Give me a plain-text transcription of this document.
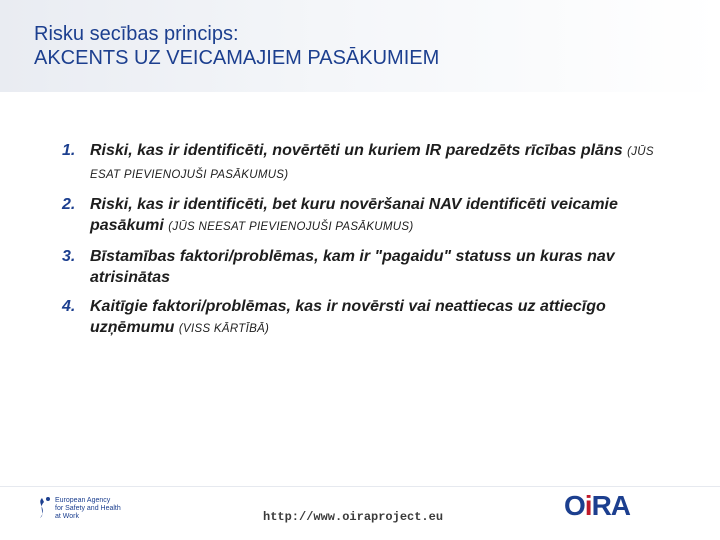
Risku secības princips:
AKCENTS UZ VEICAMAJIEM PASĀKUMIEM
1. Riski, kas ir identificēti, novērtēti un kuriem IR paredzēts rīcības plāns (JŪS ESAT PIEVIENOJUŠI PASĀKUMUS)
2. Riski, kas ir identificēti, bet kuru novēršanai NAV identificēti veicamie pasākumi (JŪS NEESAT PIEVIENOJUŠI PASĀKUMUS)
3. Bīstamības faktori/problēmas, kam ir "pagaidu" statuss un kuras nav atrisinātas
4. Kaitīgie faktori/problēmas, kas ir novērsti vai neattiecas uz attiecīgo uzņēmumu (VISS KĀRTĪBĀ)
European Agency
for Safety and Health
at Work	http://www.oiraproject.eu	OiRA
